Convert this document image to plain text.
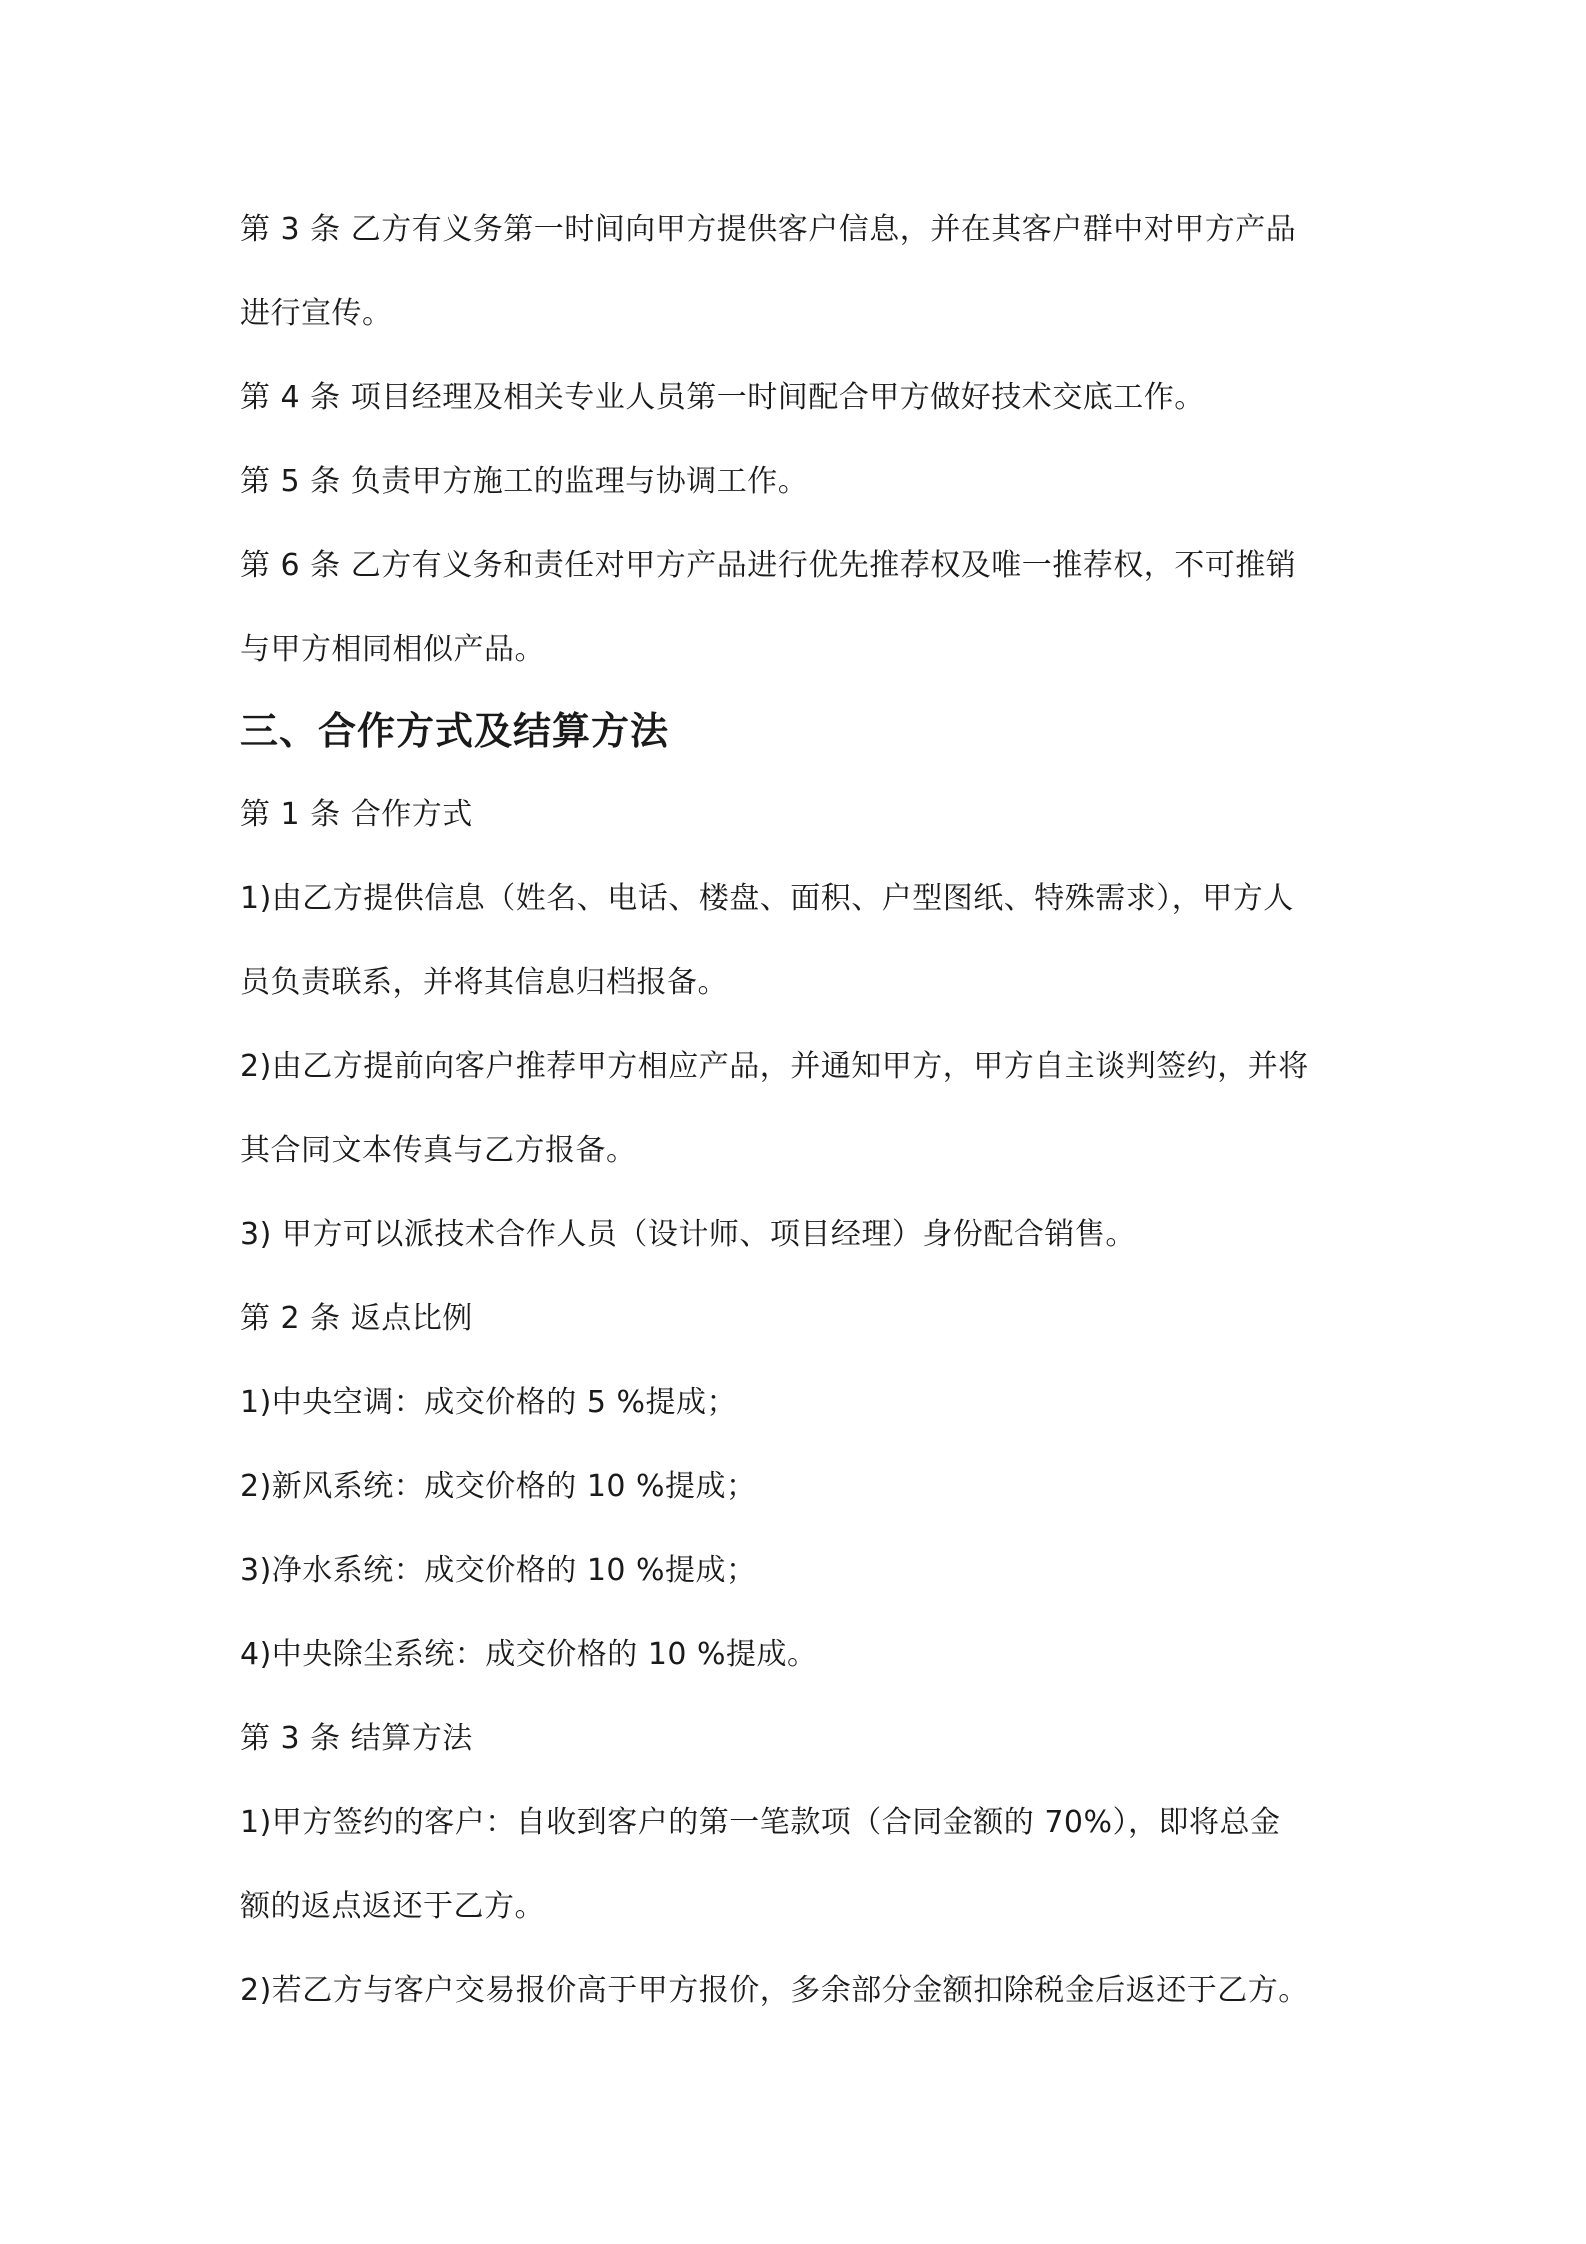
第 3 条 乙方有义务第一时间向甲方提供客户信息，并在其客户群中对甲方产品
进行宣传。
第 4 条 项目经理及相关专业人员第一时间配合甲方做好技术交底工作。
第 5 条 负责甲方施工的监理与协调工作。
第 6 条 乙方有义务和责任对甲方产品进行优先推荐权及唯一推荐权，不可推销
与甲方相同相似产品。
三、合作方式及结算方法
第 1 条 合作方式
1)由乙方提供信息（姓名、电话、楼盘、面积、户型图纸、特殊需求），甲方人
员负责联系，并将其信息归档报备。
2)由乙方提前向客户推荐甲方相应产品，并通知甲方，甲方自主谈判签约，并将
其合同文本传真与乙方报备。
3) 甲方可以派技术合作人员（设计师、项目经理）身份配合销售。
第 2 条 返点比例
1)中央空调：成交价格的 5 %提成；
2)新风系统：成交价格的 10 %提成；
3)净水系统：成交价格的 10 %提成；
4)中央除尘系统：成交价格的 10 %提成。
第 3 条 结算方法
1)甲方签约的客户：自收到客户的第一笔款项（合同金额的 70%），即将总金
额的返点返还于乙方。
2)若乙方与客户交易报价高于甲方报价，多余部分金额扣除税金后返还于乙方。
